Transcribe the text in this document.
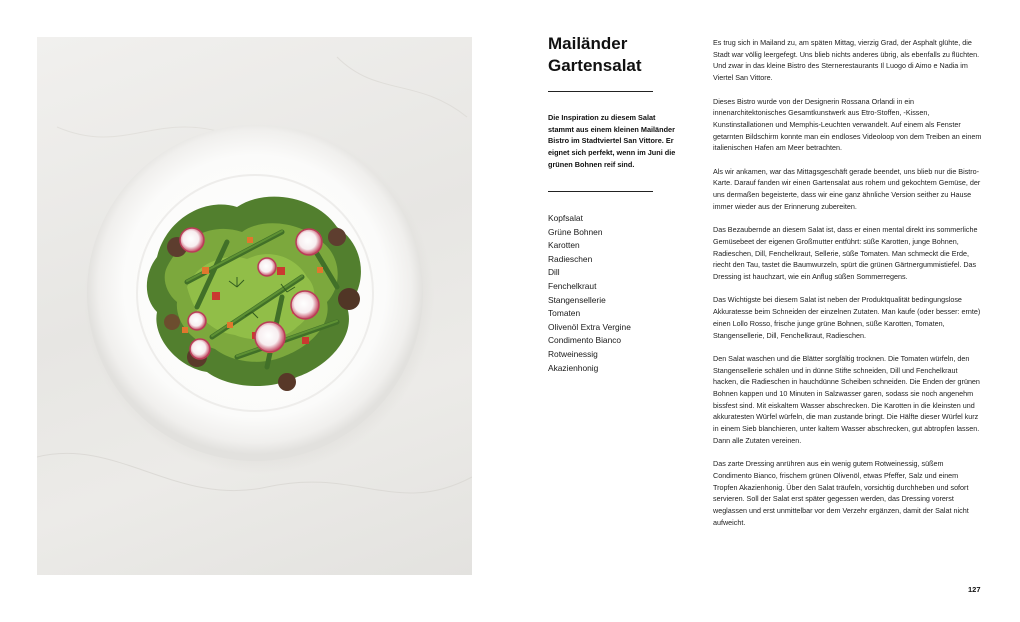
Mailänder Gartensalat

Die Inspiration zu diesem Salat stammt aus einem kleinen Mailänder Bistro im Stadtviertel San Vittore. Er eignet sich perfekt, wenn im Juni die grünen Bohnen reif sind.

Kopfsalat
Grüne Bohnen
Karotten
Radieschen
Dill
Fenchelkraut
Stangensellerie
Tomaten
Olivenöl Extra Vergine
Condimento Bianco
Rotweinessig
Akazienhonig

Es trug sich in Mailand zu, am späten Mittag, vierzig Grad, der Asphalt glühte, die Stadt war völlig leergefegt. Uns blieb nichts anderes übrig, als ebenfalls zu flüchten. Und zwar in das kleine Bistro des Sternerestaurants Il Luogo di Aimo e Nadia im Viertel San Vittore.

Dieses Bistro wurde von der Designerin Rossana Orlandi in ein innenarchitektonisches Gesamtkunstwerk aus Etro-Stoffen, -Kissen, Kunstinstallationen und Memphis-Leuchten verwandelt. Auf einem als Fenster getarnten Bildschirm konnte man ein endloses Videoloop von dem Treiben an einem italienischen Hafen am Meer betrachten.

Als wir ankamen, war das Mittagsgeschäft gerade beendet, uns blieb nur die Bistro-Karte. Darauf fanden wir einen Gartensalat aus rohem und gekochtem Gemüse, der uns dermaßen begeisterte, dass wir eine ganz ähnliche Version seither zu Hause immer wieder aus der Erinnerung zubereiten.

Das Bezaubernde an diesem Salat ist, dass er einen mental direkt ins sommerliche Gemüsebeet der eigenen Großmutter entführt: süße Karotten, junge Bohnen, Radieschen, Dill, Fenchelkraut, Sellerie, süße Tomaten. Man schmeckt die Erde, riecht den Tau, tastet die Baumwurzeln, spürt die grünen Gärtnergummistiefel. Das Dressing ist hauchzart, wie ein Anflug süßen Sommerregens.

Das Wichtigste bei diesem Salat ist neben der Produktqualität bedingungslose Akkuratesse beim Schneiden der einzelnen Zutaten. Man kaufe (oder besser: ernte) einen Lollo Rosso, frische junge grüne Bohnen, süße Karotten, Tomaten, Stangensellerie, Dill, Fenchelkraut, Radieschen.

Den Salat waschen und die Blätter sorgfältig trocknen. Die Tomaten würfeln, den Stangensellerie schälen und in dünne Stifte schneiden, Dill und Fenchelkraut hacken, die Radieschen in hauchdünne Scheiben schneiden. Die Enden der grünen Bohnen kappen und 10 Minuten in Salzwasser garen, sodass sie noch angenehm bissfest sind. Mit eiskaltem Wasser abschrecken. Die Karotten in die kleinsten und akkuratesten Würfel würfeln, die man zustande bringt. Die Hälfte dieser Würfel kurz in einem Sieb blanchieren, unter kaltem Wasser abschrecken, gut abtropfen lassen. Dann alle Zutaten vereinen.

Das zarte Dressing anrühren aus ein wenig gutem Rotweinessig, süßem Condimento Bianco, frischem grünen Olivenöl, etwas Pfeffer, Salz und einem Tropfen Akazienhonig. Über den Salat träufeln, vorsichtig durchheben und sofort servieren. Soll der Salat erst später gegessen werden, das Dressing vorerst weglassen und erst unmittelbar vor dem Verzehr ergänzen, damit der Salat nicht aufweicht.

127
